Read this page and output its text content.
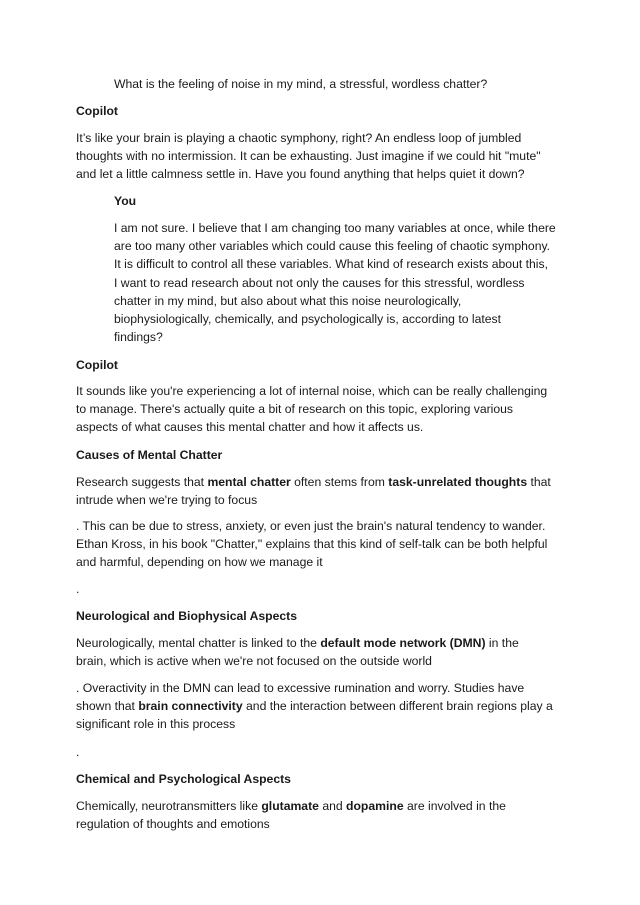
What is the feeling of noise in my mind, a stressful, wordless chatter?
Copilot
It’s like your brain is playing a chaotic symphony, right? An endless loop of jumbled
thoughts with no intermission. It can be exhausting. Just imagine if we could hit "mute"
and let a little calmness settle in. Have you found anything that helps quiet it down?
You
I am not sure. I believe that I am changing too many variables at once, while there
are too many other variables which could cause this feeling of chaotic symphony.
It is difficult to control all these variables. What kind of research exists about this,
I want to read research about not only the causes for this stressful, wordless
chatter in my mind, but also about what this noise neurologically,
biophysiologically, chemically, and psychologically is, according to latest
findings?
Copilot
It sounds like you're experiencing a lot of internal noise, which can be really challenging
to manage. There's actually quite a bit of research on this topic, exploring various
aspects of what causes this mental chatter and how it affects us.
Causes of Mental Chatter
Research suggests that mental chatter often stems from task-unrelated thoughts that
intrude when we're trying to focus
. This can be due to stress, anxiety, or even just the brain's natural tendency to wander.
Ethan Kross, in his book "Chatter," explains that this kind of self-talk can be both helpful
and harmful, depending on how we manage it
.
Neurological and Biophysical Aspects
Neurologically, mental chatter is linked to the default mode network (DMN) in the
brain, which is active when we're not focused on the outside world
. Overactivity in the DMN can lead to excessive rumination and worry. Studies have
shown that brain connectivity and the interaction between different brain regions play a
significant role in this process
.
Chemical and Psychological Aspects
Chemically, neurotransmitters like glutamate and dopamine are involved in the
regulation of thoughts and emotions
